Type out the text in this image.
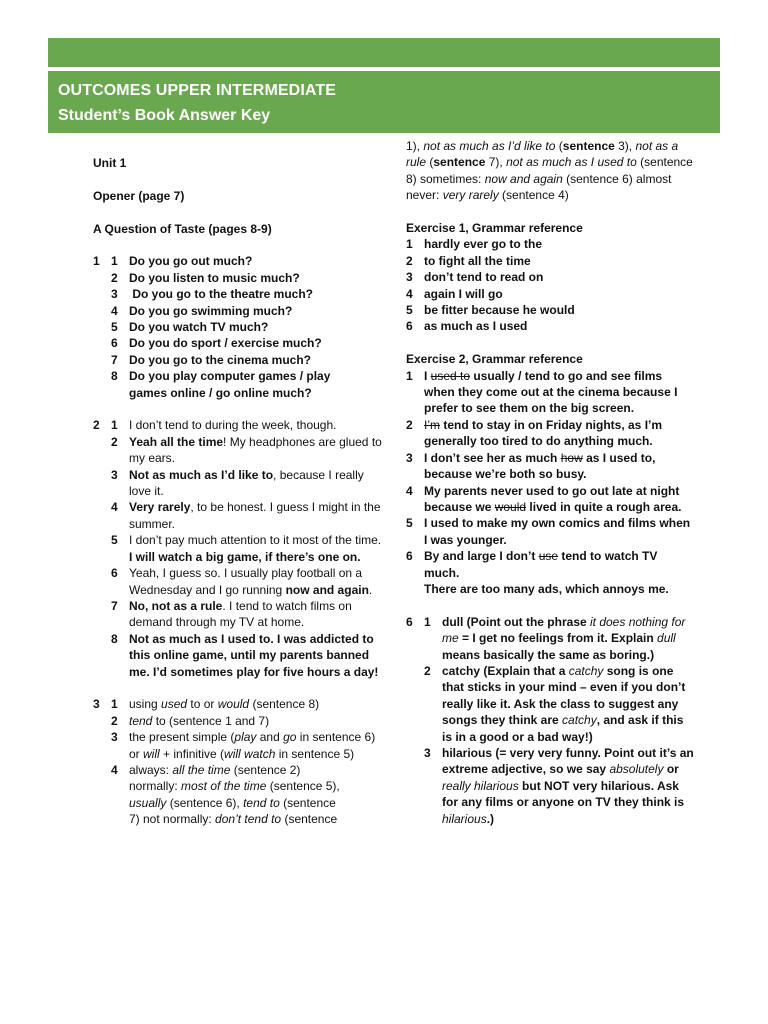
OUTCOMES UPPER INTERMEDIATE
Student’s Book Answer Key
Unit 1
Opener (page 7)
A Question of Taste (pages 8-9)
1 1 Do you go out much?
2 Do you listen to music much?
3 Do you go to the theatre much?
4 Do you go swimming much?
5 Do you watch TV much?
6 Do you do sport / exercise much?
7 Do you go to the cinema much?
8 Do you play computer games / play games online / go online much?
2 1 I don’t tend to during the week, though.
2 Yeah all the time! My headphones are glued to my ears.
3 Not as much as I’d like to, because I really love it.
4 Very rarely, to be honest. I guess I might in the summer.
5 I don’t pay much attention to it most of the time.
I will watch a big game, if there’s one on.
6 Yeah, I guess so. I usually play football on a Wednesday and I go running now and again.
7 No, not as a rule. I tend to watch films on demand through my TV at home.
8 Not as much as I used to. I was addicted to this online game, until my parents banned me. I’d sometimes play for five hours a day!
3 1 using used to or would (sentence 8)
2 tend to (sentence 1 and 7)
3 the present simple (play and go in sentence 6) or will + infinitive (will watch in sentence 5)
4 always: all the time (sentence 2)
normally: most of the time (sentence 5),
usually (sentence 6), tend to (sentence
7) not normally: don’t tend to (sentence
1), not as much as I’d like to (sentence 3), not as a rule (sentence 7), not as much as I used to (sentence 8) sometimes: now and again (sentence 6) almost never: very rarely (sentence 4)
Exercise 1, Grammar reference
1 hardly ever go to the
2 to fight all the time
3 don’t tend to read on
4 again I will go
5 be fitter because he would
6 as much as I used
Exercise 2, Grammar reference
1 I used to usually / tend to go and see films when they come out at the cinema because I prefer to see them on the big screen.
2 I’m tend to stay in on Friday nights, as I’m generally too tired to do anything much.
3 I don’t see her as much how as I used to, because we’re both so busy.
4 My parents never used to go out late at night because we would lived in quite a rough area.
5 I used to make my own comics and films when I was younger.
6 By and large I don’t use tend to watch TV much.
There are too many ads, which annoys me.
6 1 dull (Point out the phrase it does nothing for me = I get no feelings from it. Explain dull means basically the same as boring.)
2 catchy (Explain that a catchy song is one that sticks in your mind – even if you don’t really like it. Ask the class to suggest any songs they think are catchy, and ask if this is in a good or a bad way!)
3 hilarious (= very very funny. Point out it’s an extreme adjective, so we say absolutely or really hilarious but NOT very hilarious. Ask for any films or anyone on TV they think is hilarious.)
